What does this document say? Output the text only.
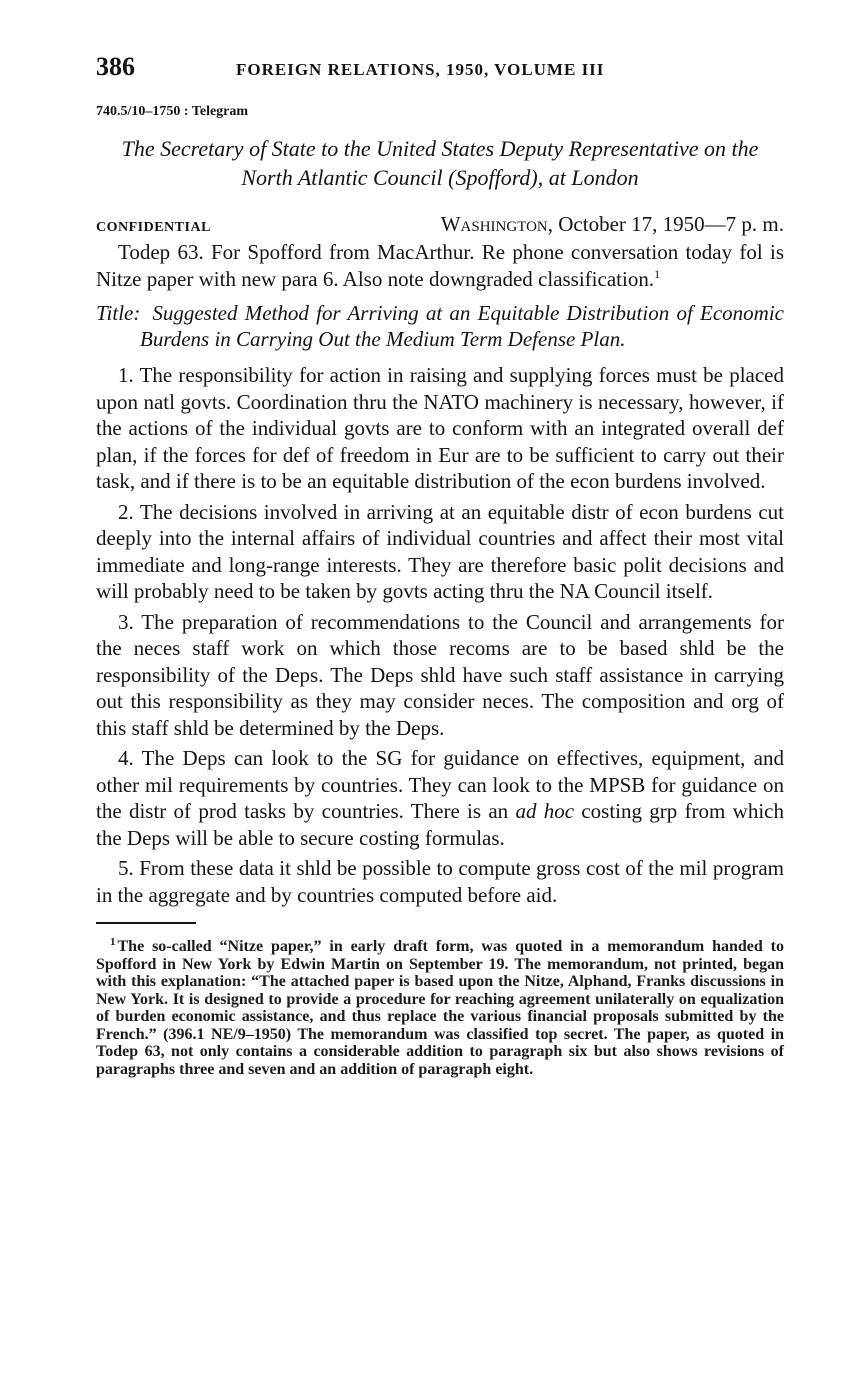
386	FOREIGN RELATIONS, 1950, VOLUME III
740.5/10–1750 : Telegram
The Secretary of State to the United States Deputy Representative on the North Atlantic Council (Spofford), at London
CONFIDENTIAL	Washington, October 17, 1950—7 p. m.

Todep 63. For Spofford from MacArthur. Re phone conversation today fol is Nitze paper with new para 6. Also note downgraded classification.$^1$

Title: Suggested Method for Arriving at an Equitable Distribution of Economic Burdens in Carrying Out the Medium Term Defense Plan.

1. The responsibility for action in raising and supplying forces must be placed upon natl govts. Coordination thru the NATO machinery is necessary, however, if the actions of the individual govts are to conform with an integrated overall def plan, if the forces for def of freedom in Eur are to be sufficient to carry out their task, and if there is to be an equitable distribution of the econ burdens involved.

2. The decisions involved in arriving at an equitable distr of econ burdens cut deeply into the internal affairs of individual countries and affect their most vital immediate and long-range interests. They are therefore basic polit decisions and will probably need to be taken by govts acting thru the NA Council itself.

3. The preparation of recommendations to the Council and arrangements for the neces staff work on which those recoms are to be based shld be the responsibility of the Deps. The Deps shld have such staff assistance in carrying out this responsibility as they may consider neces. The composition and org of this staff shld be determined by the Deps.

4. The Deps can look to the SG for guidance on effectives, equipment, and other mil requirements by countries. They can look to the MPSB for guidance on the distr of prod tasks by countries. There is an ad hoc costing grp from which the Deps will be able to secure costing formulas.

5. From these data it shld be possible to compute gross cost of the mil program in the aggregate and by countries computed before aid.

$^1$ The so-called “Nitze paper,” in early draft form, was quoted in a memorandum handed to Spofford in New York by Edwin Martin on September 19. The memorandum, not printed, began with this explanation: “The attached paper is based upon the Nitze, Alphand, Franks discussions in New York. It is designed to provide a procedure for reaching agreement unilaterally on equalization of burden economic assistance, and thus replace the various financial proposals submitted by the French.” (396.1 NE/9–1950) The memorandum was classified top secret. The paper, as quoted in Todep 63, not only contains a considerable addition to paragraph six but also shows revisions of paragraphs three and seven and an addition of paragraph eight.
